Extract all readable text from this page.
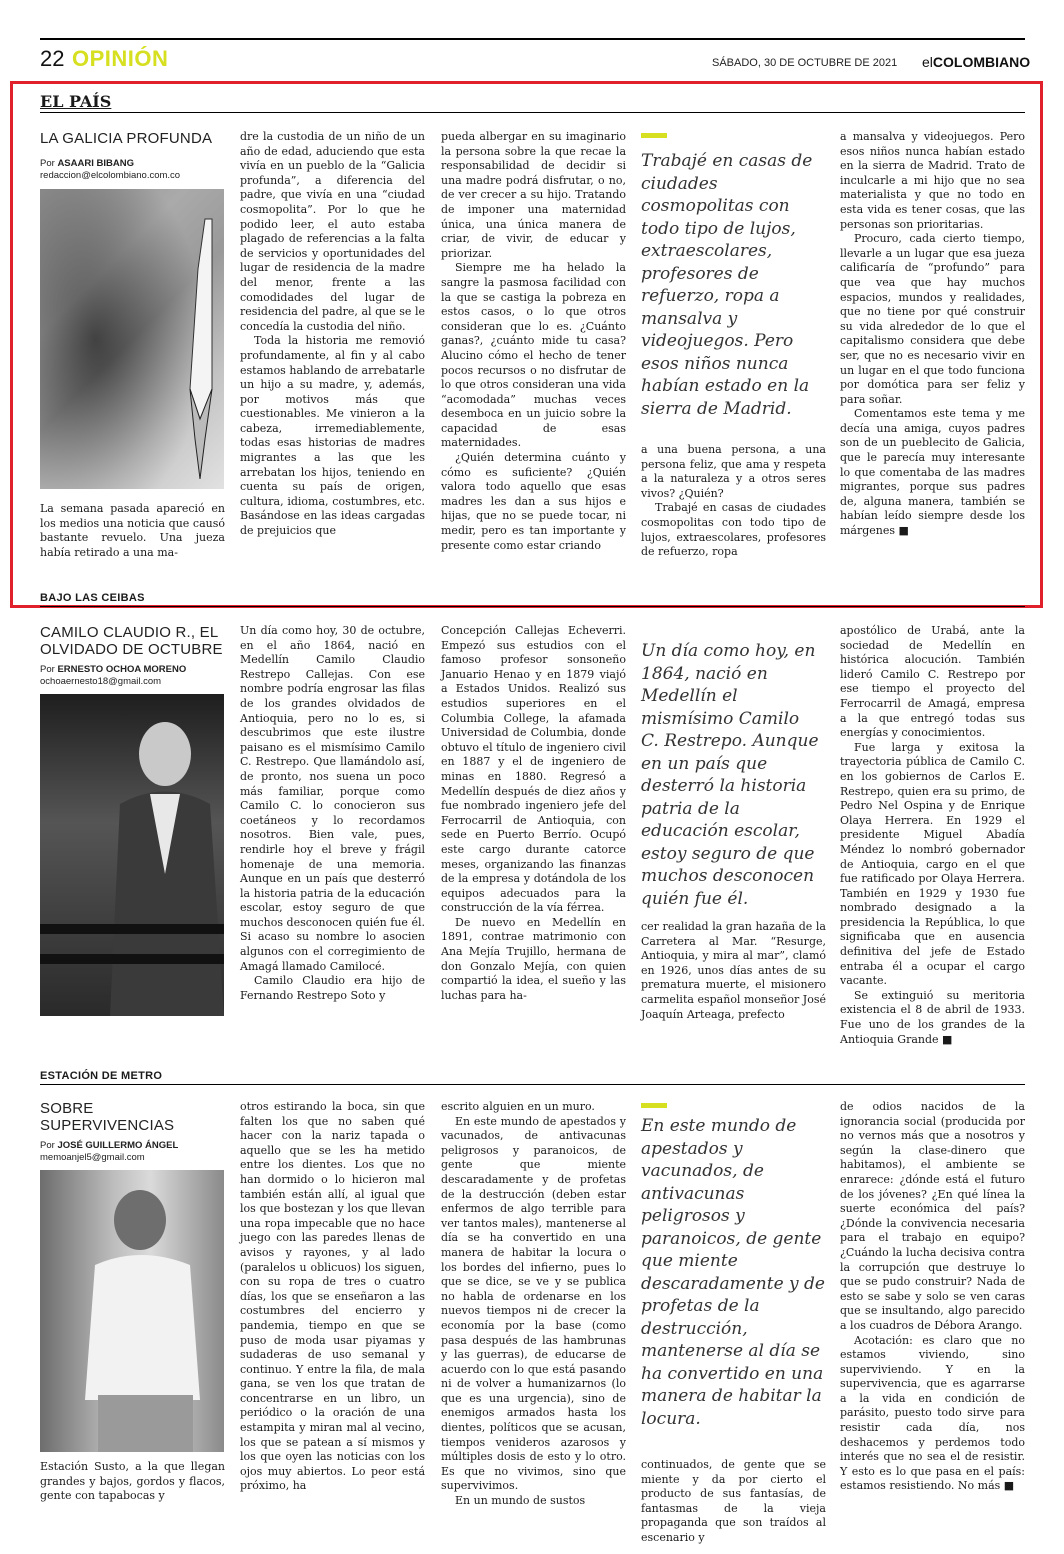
22 OPINIÓN	SÁBADO, 30 DE OCTUBRE DE 2021 elCOLOMBIANO
EL PAÍS
LA GALICIA PROFUNDA
Por ASAARI BIBANG
redaccion@elcolombiano.com.co

La semana pasada apareció en los medios una noticia que causó bastante revuelo. Una jueza había retirado a una ma-

dre la custodia de un niño de un año de edad, aduciendo que esta vivía en un pueblo de la “Galicia profunda”, a diferencia del padre, que vivía en una “ciudad cosmopolita”. Por lo que he podido leer, el auto estaba plagado de referencias a la falta de servicios y oportunidades del lugar de residencia de la madre del menor, frente a las comodidades del lugar de residencia del padre, al que se le concedía la custodia del niño.

Toda la historia me removió profundamente, al fin y al cabo estamos hablando de arrebatarle un hijo a su madre, y, además, por motivos más que cuestionables. Me vinieron a la cabeza, irremediablemente, todas esas historias de madres migrantes a las que les arrebatan los hijos, teniendo en cuenta su país de origen, cultura, idioma, costumbres, etc. Basándose en las ideas cargadas de prejuicios que

pueda albergar en su imaginario la persona sobre la que recae la responsabilidad de decidir si una madre podrá disfrutar, o no, de ver crecer a su hijo. Tratando de imponer una maternidad única, una única manera de criar, de vivir, de educar y priorizar.

Siempre me ha helado la sangre la pasmosa facilidad con la que se castiga la pobreza en estos casos, o lo que otros consideran que lo es. ¿Cuánto ganas?, ¿cuánto mide tu casa? Alucino cómo el hecho de tener pocos recursos o no disfrutar de lo que otros consideran una vida “acomodada” muchas veces desemboca en un juicio sobre la capacidad de esas maternidades.

¿Quién determina cuánto y cómo es suficiente? ¿Quién valora todo aquello que esas madres les dan a sus hijos e hijas, que no se puede tocar, ni medir, pero es tan importante y presente como estar criando

Trabajé en casas de ciudades cosmopolitas con todo tipo de lujos, extraescolares, profesores de refuerzo, ropa a mansalva y videojuegos. Pero esos niños nunca habían estado en la sierra de Madrid.

a una buena persona, a una persona feliz, que ama y respeta a la naturaleza y a otros seres vivos? ¿Quién?

Trabajé en casas de ciudades cosmopolitas con todo tipo de lujos, extraescolares, profesores de refuerzo, ropa

a mansalva y videojuegos. Pero esos niños nunca habían estado en la sierra de Madrid. Trato de inculcarle a mi hijo que no sea materialista y que no todo en esta vida es tener cosas, que las personas son prioritarias.

Procuro, cada cierto tiempo, llevarle a un lugar que esa jueza calificaría de “profundo” para que vea que hay muchos espacios, mundos y realidades, que no tiene por qué construir su vida alrededor de lo que el capitalismo considera que debe ser, que no es necesario vivir en un lugar en el que todo funciona por domótica para ser feliz y para soñar.

Comentamos este tema y me decía una amiga, cuyos padres son de un pueblecito de Galicia, que le parecía muy interesante lo que comentaba de las madres migrantes, porque sus padres de, alguna manera, también se habían leído siempre desde los márgenes ■

BAJO LAS CEIBAS
CAMILO CLAUDIO R., EL OLVIDADO DE OCTUBRE
Por ERNESTO OCHOA MORENO
ochoaernesto18@gmail.com

Un día como hoy, 30 de octubre, en el año 1864, nació en Medellín Camilo Claudio Restrepo Callejas. Con ese nombre podría engrosar las filas de los grandes olvidados de Antioquia, pero no lo es, si descubrimos que este ilustre paisano es el mismísimo Camilo C. Restrepo. Que llamándolo así, de pronto, nos suena un poco más familiar, porque como Camilo C. lo conocieron sus coetáneos y lo recordamos nosotros. Bien vale, pues, rendirle hoy el breve y frágil homenaje de una memoria. Aunque en un país que desterró la historia patria de la educación escolar, estoy seguro de que muchos desconocen quién fue él. Si acaso su nombre lo asocien algunos con el corregimiento de Amagá llamado Camilocé.

Camilo Claudio era hijo de Fernando Restrepo Soto y

Concepción Callejas Echeverri. Empezó sus estudios con el famoso profesor sonsoneño Januario Henao y en 1879 viajó a Estados Unidos. Realizó sus estudios superiores en el Columbia College, la afamada Universidad de Columbia, donde obtuvo el título de ingeniero civil en 1887 y el de ingeniero de minas en 1880. Regresó a Medellín después de diez años y fue nombrado ingeniero jefe del Ferrocarril de Antioquia, con sede en Puerto Berrío. Ocupó este cargo durante catorce meses, organizando las finanzas de la empresa y dotándola de los equipos adecuados para la construcción de la vía férrea.

De nuevo en Medellín en 1891, contrae matrimonio con Ana Mejía Trujillo, hermana de don Gonzalo Mejía, con quien compartió la idea, el sueño y las luchas para ha-

Un día como hoy, en 1864, nació en Medellín el mismísimo Camilo C. Restrepo. Aunque en un país que desterró la historia patria de la educación escolar, estoy seguro de que muchos desconocen quién fue él.

cer realidad la gran hazaña de la Carretera al Mar. “Resurge, Antioquia, y mira al mar”, clamó en 1926, unos días antes de su prematura muerte, el misionero carmelita español monseñor José Joaquín Arteaga, prefecto

apostólico de Urabá, ante la sociedad de Medellín en histórica alocución. También lideró Camilo C. Restrepo por ese tiempo el proyecto del Ferrocarril de Amagá, empresa a la que entregó todas sus energías y conocimientos.

Fue larga y exitosa la trayectoria pública de Camilo C. en los gobiernos de Carlos E. Restrepo, quien era su primo, de Pedro Nel Ospina y de Enrique Olaya Herrera. En 1929 el presidente Miguel Abadía Méndez lo nombró gobernador de Antioquia, cargo en el que fue ratificado por Olaya Herrera. También en 1929 y 1930 fue nombrado designado a la presidencia la República, lo que significaba que en ausencia definitiva del jefe de Estado entraba él a ocupar el cargo vacante.

Se extinguió su meritoria existencia el 8 de abril de 1933. Fue uno de los grandes de la Antioquia Grande ■

ESTACIÓN DE METRO
SOBRE SUPERVIVENCIAS
Por JOSÉ GUILLERMO ÁNGEL
memoanjel5@gmail.com

Estación Susto, a la que llegan grandes y bajos, gordos y flacos, gente con tapabocas y

otros estirando la boca, sin que falten los que no saben qué hacer con la nariz tapada o aquello que se les ha metido entre los dientes. Los que no han dormido o lo hicieron mal también están allí, al igual que los que bostezan y los que llevan una ropa impecable que no hace juego con las paredes llenas de avisos y rayones, y al lado (paralelos u oblicuos) los siguen, con su ropa de tres o cuatro días, los que se enseñaron a las costumbres del encierro y pandemia, tiempo en que se puso de moda usar piyamas y sudaderas de uso semanal y continuo. Y entre la fila, de mala gana, se ven los que tratan de concentrarse en un libro, un periódico o la oración de una estampita y miran mal al vecino, los que se patean a sí mismos y los que oyen las noticias con los ojos muy abiertos. Lo peor está próximo, ha

escrito alguien en un muro.

En este mundo de apestados y vacunados, de antivacunas peligrosos y paranoicos, de gente que miente descaradamente y de profetas de la destrucción (deben estar enfermos de algo terrible para ver tantos males), mantenerse al día se ha convertido en una manera de habitar la locura o los bordes del infierno, pues lo que se dice, se ve y se publica no habla de ordenarse en los nuevos tiempos ni de crecer la economía por la base (como pasa después de las hambrunas y las guerras), de educarse de acuerdo con lo que está pasando ni de volver a humanizarnos (lo que es una urgencia), sino de enemigos armados hasta los dientes, políticos que se acusan, tiempos venideros azarosos y múltiples dosis de esto y lo otro. Es que no vivimos, sino que supervivimos.

En un mundo de sustos

En este mundo de apestados y vacunados, de antivacunas peligrosos y paranoicos, de gente que miente descaradamente y de profetas de la destrucción, mantenerse al día se ha convertido en una manera de habitar la locura.

continuados, de gente que se miente y da por cierto el producto de sus fantasías, de fantasmas de la vieja propaganda que son traídos al escenario y

de odios nacidos de la ignorancia social (producida por no vernos más que a nosotros y según la clase-dinero que habitamos), el ambiente se enrarece: ¿dónde está el futuro de los jóvenes? ¿En qué línea la suerte económica del país? ¿Dónde la convivencia necesaria para el trabajo en equipo? ¿Cuándo la lucha decisiva contra la corrupción que destruye lo que se pudo construir? Nada de esto se sabe y solo se ven caras que se insultando, algo parecido a los cuadros de Débora Arango.

Acotación: es claro que no estamos viviendo, sino superviviendo. Y en la supervivencia, que es agarrarse a la vida en condición de parásito, puesto todo sirve para resistir cada día, nos deshacemos y perdemos todo interés que no sea el de resistir. Y esto es lo que pasa en el país: estamos resistiendo. No más ■
